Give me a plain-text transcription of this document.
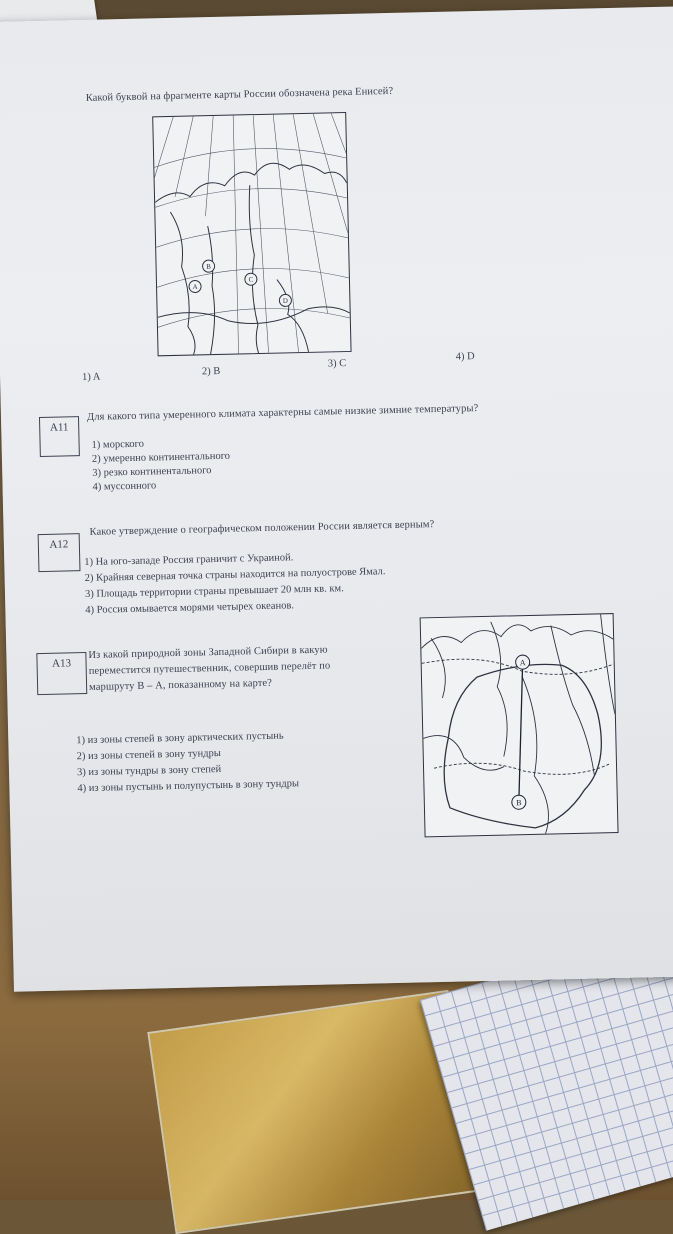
Какой буквой на фрагменте карты России обозначена река Енисей?
A
B
C
D
1) A
2) B
3) C
4) D
А11
Для какого типа умеренного климата характерны самые низкие зимние температуры?
1) морского
2) умеренно континентального
3) резко континентального
4) муссонного
А12
Какое утверждение о географическом положении России является верным?
1) На юго-западе Россия граничит с Украиной.
2) Крайняя северная точка страны находится на полуострове Ямал.
3) Площадь территории страны превышает 20 млн кв. км.
4) Россия омывается морями четырех океанов.
А13
Из какой природной зоны Западной Сибири в какую
переместится путешественник, совершив перелёт по
маршруту В – А, показанному на карте?
1) из зоны степей в зону арктических пустынь
2) из зоны степей в зону тундры
3) из зоны тундры в зону степей
4) из зоны пустынь и полупустынь в зону тундры
A
B
